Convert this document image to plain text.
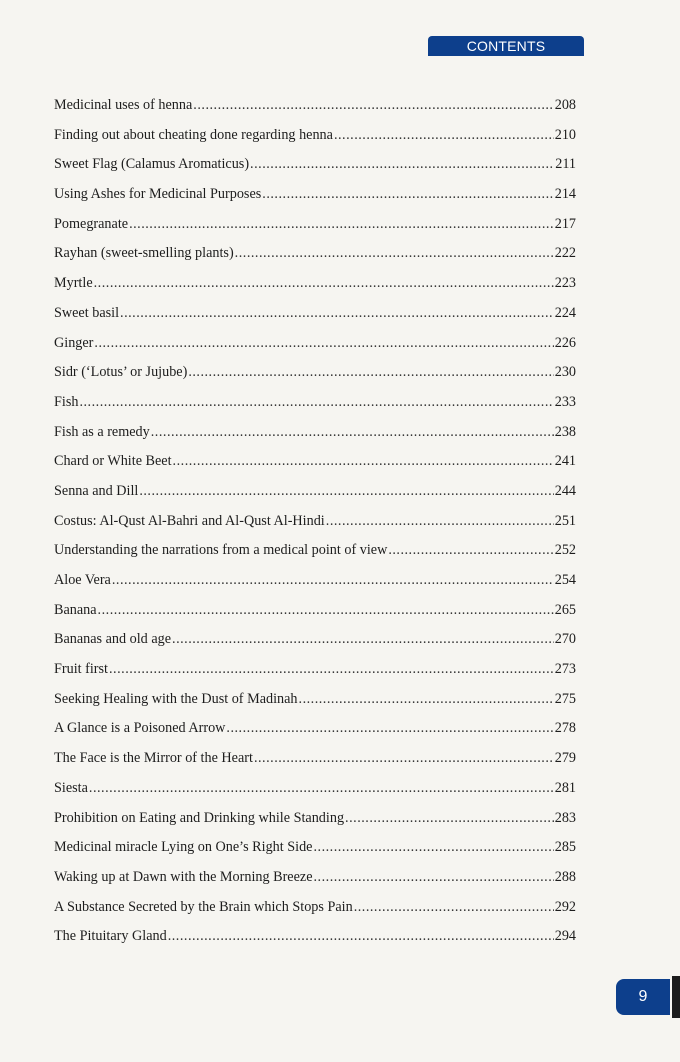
CONTENTS
Medicinal uses of henna .....	208
Finding out about cheating done regarding henna .....	210
Sweet Flag (Calamus Aromaticus) .....	211
Using Ashes for Medicinal Purposes .....	214
Pomegranate .....	217
Rayhan (sweet-smelling plants) .....	222
Myrtle .....	223
Sweet basil .....	224
Ginger .....	226
Sidr (‘Lotus’ or Jujube) .....	230
Fish .....	233
Fish as a remedy .....	238
Chard or White Beet .....	241
Senna and Dill .....	244
Costus: Al-Qust Al-Bahri and Al-Qust Al-Hindi .....	251
Understanding the narrations from a medical point of view .....	252
Aloe Vera .....	254
Banana .....	265
Bananas and old age .....	270
Fruit first .....	273
Seeking Healing with the Dust of Madinah .....	275
A Glance is a Poisoned Arrow .....	278
The Face is the Mirror of the Heart .....	279
Siesta .....	281
Prohibition on Eating and Drinking while Standing .....	283
Medicinal miracle Lying on One’s Right Side .....	285
Waking up at Dawn with the Morning Breeze .....	288
A Substance Secreted by the Brain which Stops Pain .....	292
The Pituitary Gland .....	294
9
